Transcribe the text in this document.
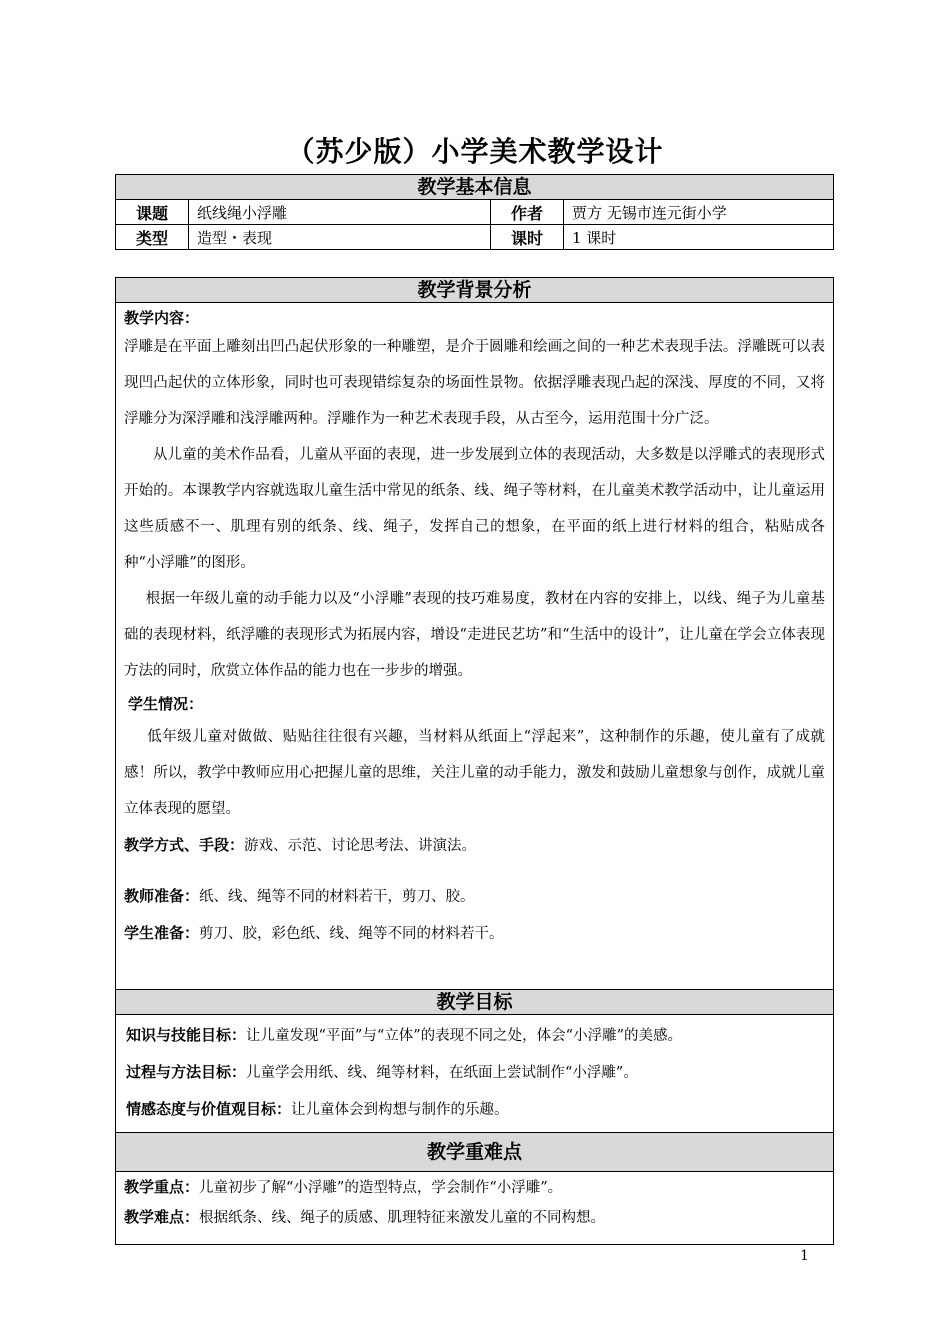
（苏少版）小学美术教学设计
教学基本信息			
课题	纸线绳小浮雕	作者	贾方 无锡市连元街小学
类型	造型・表现	课时	1 课时
教学背景分析

教学内容：

浮雕是在平面上雕刻出凹凸起伏形象的一种雕塑，是介于圆雕和绘画之间的一种艺术表现手法。浮雕既可以表现凹凸起伏的立体形象，同时也可表现错综复杂的场面性景物。依据浮雕表现凸起的深浅、厚度的不同，又将浮雕分为深浮雕和浅浮雕两种。浮雕作为一种艺术表现手段，从古至今，运用范围十分广泛。

从儿童的美术作品看，儿童从平面的表现，进一步发展到立体的表现活动，大多数是以浮雕式的表现形式开始的。本课教学内容就选取儿童生活中常见的纸条、线、绳子等材料，在儿童美术教学活动中，让儿童运用这些质感不一、肌理有别的纸条、线、绳子，发挥自己的想象，在平面的纸上进行材料的组合，粘贴成各种“小浮雕”的图形。

根据一年级儿童的动手能力以及“小浮雕”表现的技巧难易度，教材在内容的安排上，以线、绳子为儿童基础的表现材料，纸浮雕的表现形式为拓展内容，增设“走进民艺坊”和“生活中的设计”，让儿童在学会立体表现方法的同时，欣赏立体作品的能力也在一步步的增强。

学生情况：

低年级儿童对做做、贴贴往往很有兴趣，当材料从纸面上“浮起来”，这种制作的乐趣，使儿童有了成就感！所以，教学中教师应用心把握儿童的思维，关注儿童的动手能力，激发和鼓励儿童想象与创作，成就儿童立体表现的愿望。

教学方式、手段：游戏、示范、讨论思考法、讲演法。

教师准备：纸、线、绳等不同的材料若干，剪刀、胶。

学生准备：剪刀、胶，彩色纸、线、绳等不同的材料若干。

教学目标

知识与技能目标：让儿童发现“平面”与“立体”的表现不同之处，体会“小浮雕”的美感。

过程与方法目标：儿童学会用纸、线、绳等材料，在纸面上尝试制作“小浮雕”。

情感态度与价值观目标：让儿童体会到构想与制作的乐趣。

教学重难点

教学重点：儿童初步了解“小浮雕”的造型特点，学会制作“小浮雕”。

教学难点：根据纸条、线、绳子的质感、肌理特征来激发儿童的不同构想。

1
